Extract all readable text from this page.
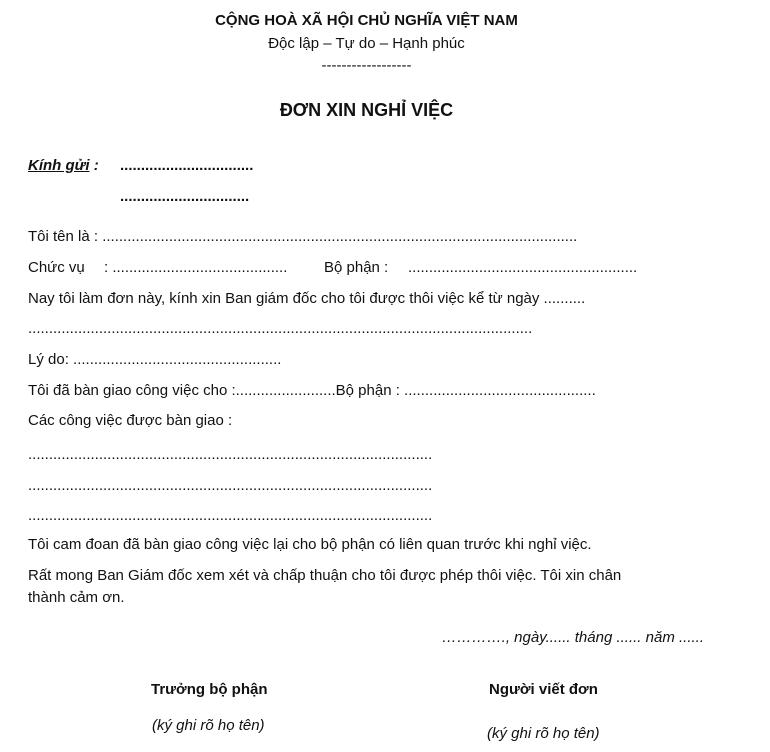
CỘNG HOÀ XÃ HỘI CHỦ NGHĨA VIỆT NAM
Độc lập – Tự do – Hạnh phúc
------------------
ĐƠN XIN NGHỈ VIỆC
Kính gửi : ................................
...............................
Tôi tên là : ..................................................................................................................
Chức vụ : .......................................... Bộ phận : .......................................................
Nay tôi làm đơn này, kính xin Ban giám đốc cho tôi được thôi việc kể từ ngày ..........
.........................................................................................................................
Lý do: ..................................................
Tôi đã bàn giao công việc cho :........................Bộ phận : ..............................................
Các công việc được bàn giao :
.................................................................................................
.................................................................................................
.................................................................................................
Tôi cam đoan đã bàn giao công việc lại cho bộ phận có liên quan trước khi nghỉ việc.
Rất mong Ban Giám đốc xem xét và chấp thuận cho tôi được phép thôi việc. Tôi xin chân
thành cảm ơn.
…………., ngày...... tháng ...... năm ......
Trưởng bộ phận
(ký ghi rõ họ tên)
Người viết đơn
(ký ghi rõ họ tên)
